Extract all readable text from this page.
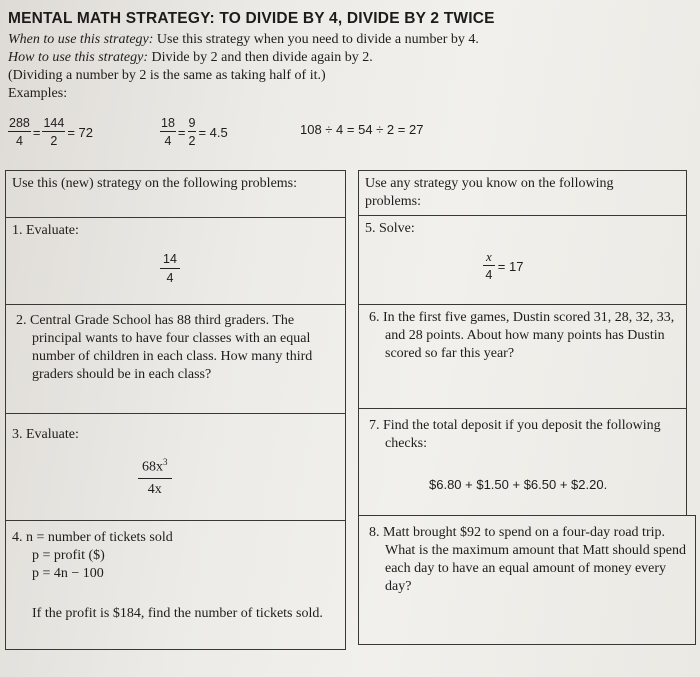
MENTAL MATH STRATEGY: TO DIVIDE BY 4, DIVIDE BY 2 TWICE
When to use this strategy: Use this strategy when you need to divide a number by 4.
How to use this strategy: Divide by 2 and then divide again by 2.
(Dividing a number by 2 is the same as taking half of it.)
Examples:
$\frac{288}{4} = \frac{144}{2} = 72$	$\frac{18}{4} = \frac{9}{2} = 4.5$	108 ÷ 4 = 54 ÷ 2 = 27
Use this (new) strategy on the following problems:
1. Evaluate:
$\frac{14}{4}$
2. Central Grade School has 88 third graders. The principal wants to have four classes with an equal number of children in each class. How many third graders should be in each class?
3. Evaluate:
$\frac{68x^3}{4x}$
4. n = number of tickets sold
p = profit ($)
p = 4n − 100
If the profit is $184, find the number of tickets sold.
Use any strategy you know on the following problems:
5. Solve:
$\frac{x}{4} = 17$
6. In the first five games, Dustin scored 31, 28, 32, 33, and 28 points. About how many points has Dustin scored so far this year?
7. Find the total deposit if you deposit the following checks:
$6.80 + $1.50 + $6.50 + $2.20.
8. Matt brought $92 to spend on a four-day road trip. What is the maximum amount that Matt should spend each day to have an equal amount of money every day?
